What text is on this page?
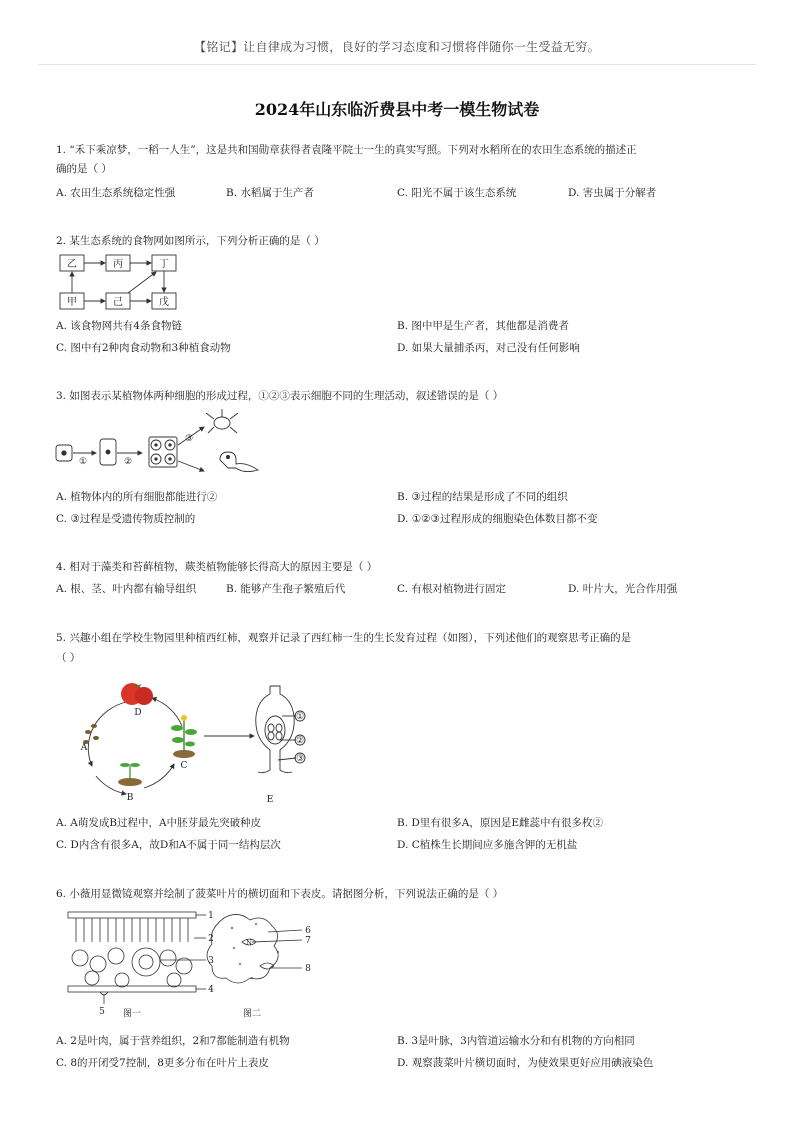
【铭记】让自律成为习惯，良好的学习态度和习惯将伴随你一生受益无穷。
2024年山东临沂费县中考一模生物试卷
1. “禾下乘凉梦，一稻一人生”，这是共和国勋章获得者袁隆平院士一生的真实写照。下列对水稻所在的农田生态系统的描述正
确的是（ ）
A. 农田生态系统稳定性强	B. 水稻属于生产者	C. 阳光不属于该生态系统	D. 害虫属于分解者
2. 某生态系统的食物网如图所示，下列分析正确的是（ ）
乙	丙	丁
甲	己	戊
A. 该食物网共有4条食物链	B. 图中甲是生产者，其他都是消费者
C. 图中有2种肉食动物和3种植食动物	D. 如果大量捕杀丙，对己没有任何影响
3. 如图表示某植物体两种细胞的形成过程，①②③表示细胞不同的生理活动，叙述错误的是（ ）
①	②
③
A. 植物体内的所有细胞都能进行②	B. ③过程的结果是形成了不同的组织
C. ③过程是受遗传物质控制的	D. ①②③过程形成的细胞染色体数目都不变
4. 相对于藻类和苔藓植物，蕨类植物能够长得高大的原因主要是（ ）
A. 根、茎、叶内都有输导组织	B. 能够产生孢子繁殖后代	C. 有根对植物进行固定	D. 叶片大，光合作用强
5. 兴趣小组在学校生物园里种植西红柿，观察并记录了西红柿一生的生长发育过程（如图），下列述他们的观察思考正确的是
（ ）
D
A
B
C
E
①
②
③
A. A萌发成B过程中，A中胚芽最先突破种皮	B. D里有很多A，原因是E雌蕊中有很多枚②
C. D内含有很多A，故D和A不属于同一结构层次	D. C植株生长期间应多施含钾的无机盐
6. 小薇用显微镜观察并绘制了菠菜叶片的横切面和下表皮。请据图分析，下列说法正确的是（ ）
1
2
3
4
5
6
7
8
N
图一	图二
A. 2是叶肉，属于营养组织，2和7都能制造有机物	B. 3是叶脉，3内管道运输水分和有机物的方向相同
C. 8的开闭受7控制，8更多分布在叶片上表皮	D. 观察菠菜叶片横切面时，为使效果更好应用碘液染色
